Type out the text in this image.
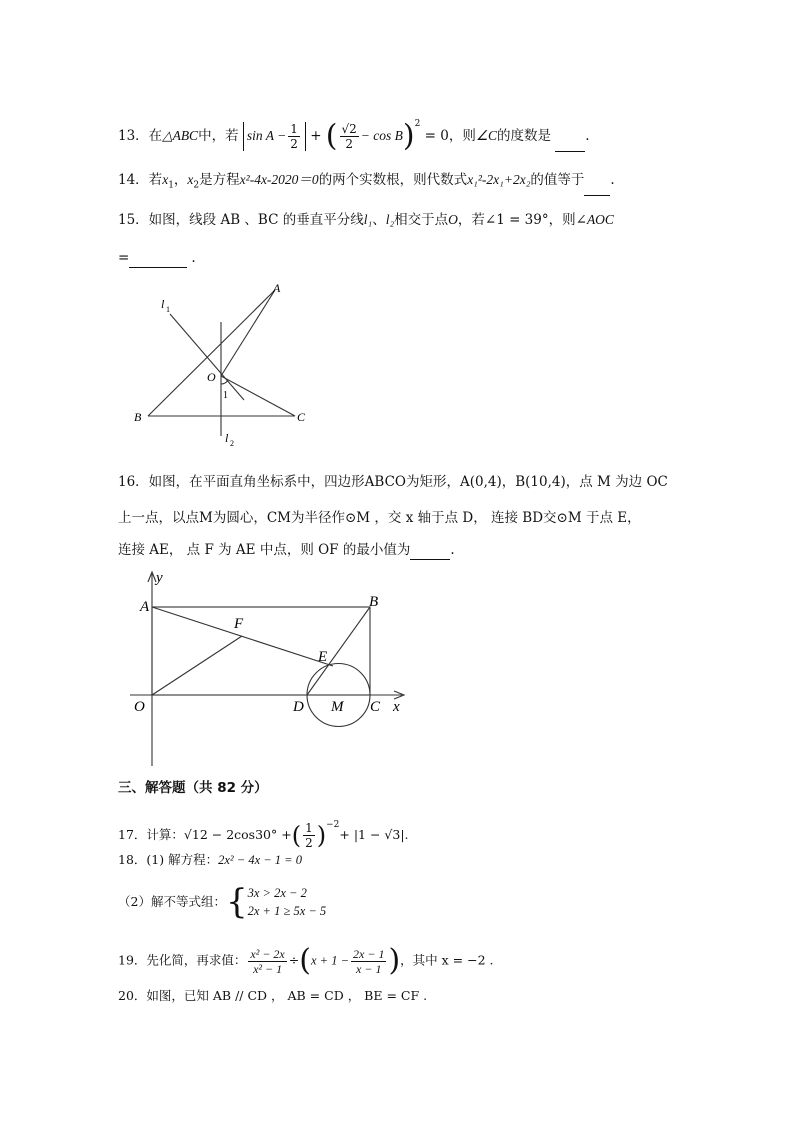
13．在△ABC中，若 $\sin A - \frac{1}{2}$ + ( $\frac{√2}{2} - \cos B)^2 = 0$，则∠C的度数是	.
14．若$x_1$，$x_2$是方程x²-4x-2020＝0的两个实数根，则代数式x₁²-2x₁+2x₂的值等于 .
15．如图，线段 AB 、BC 的垂直平分线l₁、l₂相交于点O，若∠1 = 39°，则∠AOC
=	.
A
B	C
O
1
l 1
l 2
16．如图，在平面直角坐标系中，四边形ABCO为矩形，A(0,4)，B(10,4)，点 M 为边 OC
上一点，以点M为圆心，CM为半径作⊙M ，交 x 轴于点 D， 连接 BD交⊙M 于点 E，
连接 AE， 点 F 为 AE 中点，则 OF 的最小值为	.
y
x
A	B
F
E
O	D M C
三、解答题（共 82 分）
17．计算：√12 − 2cos30° +( $\frac{1}{2} )^{-2}+ |1 - √3|$.
18．(1) 解方程：2x² − 4x − 1 = 0
（2）解不等式组：{ 3x > 2x − 2
2x + 1 ≥ 5x − 5
19．先化简，再求值： $\frac{\text{x² − 2x}}{\text{x² − 1}} \div(x + 1 - \frac{2x - 1}{x - 1}$ )，其中 x = −2 .
20．如图，已知 AB // CD ， AB = CD ， BE = CF .
